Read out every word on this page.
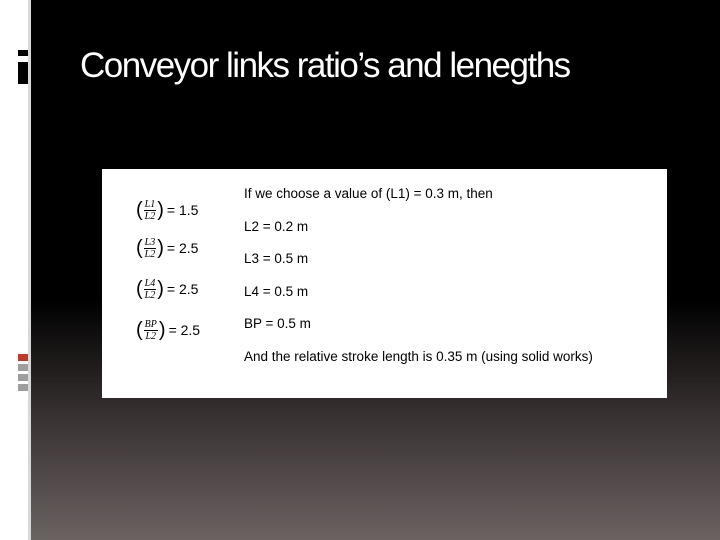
Conveyor links ratio’s and lenegths
( $\frac{L1}{L2}$ ) = 1.5
( $\frac{L3}{L2}$ ) = 2.5
( $\frac{L4}{L2}$ ) = 2.5
( $\frac{BP}{L2}$ ) = 2.5
If we choose a value of (L1) = 0.3 m, then
L2 = 0.2 m
L3 = 0.5 m
L4 = 0.5 m
BP = 0.5 m
And the relative stroke length is 0.35 m (using solid works)
